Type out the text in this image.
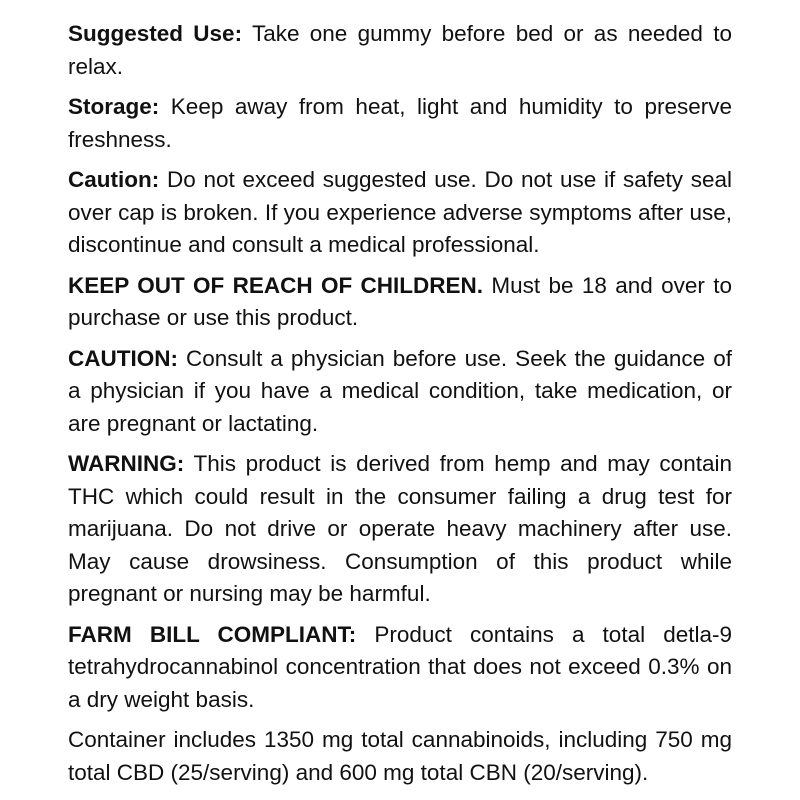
Suggested Use: Take one gummy before bed or as needed to relax.

Storage: Keep away from heat, light and humidity to preserve freshness.

Caution: Do not exceed suggested use. Do not use if safety seal over cap is broken. If you experience adverse symptoms after use, discontinue and consult a medical professional.

KEEP OUT OF REACH OF CHILDREN. Must be 18 and over to purchase or use this product.

CAUTION: Consult a physician before use. Seek the guidance of a physician if you have a medical condition, take medication, or are pregnant or lactating.

WARNING: This product is derived from hemp and may contain THC which could result in the consumer failing a drug test for marijuana. Do not drive or operate heavy machinery after use. May cause drowsiness. Consumption of this product while pregnant or nursing may be harmful.

FARM BILL COMPLIANT: Product contains a total detla-9 tetrahydrocannabinol concentration that does not exceed 0.3% on a dry weight basis.

Container includes 1350 mg total cannabinoids, including 750 mg total CBD (25/serving) and 600 mg total CBN (20/serving).
